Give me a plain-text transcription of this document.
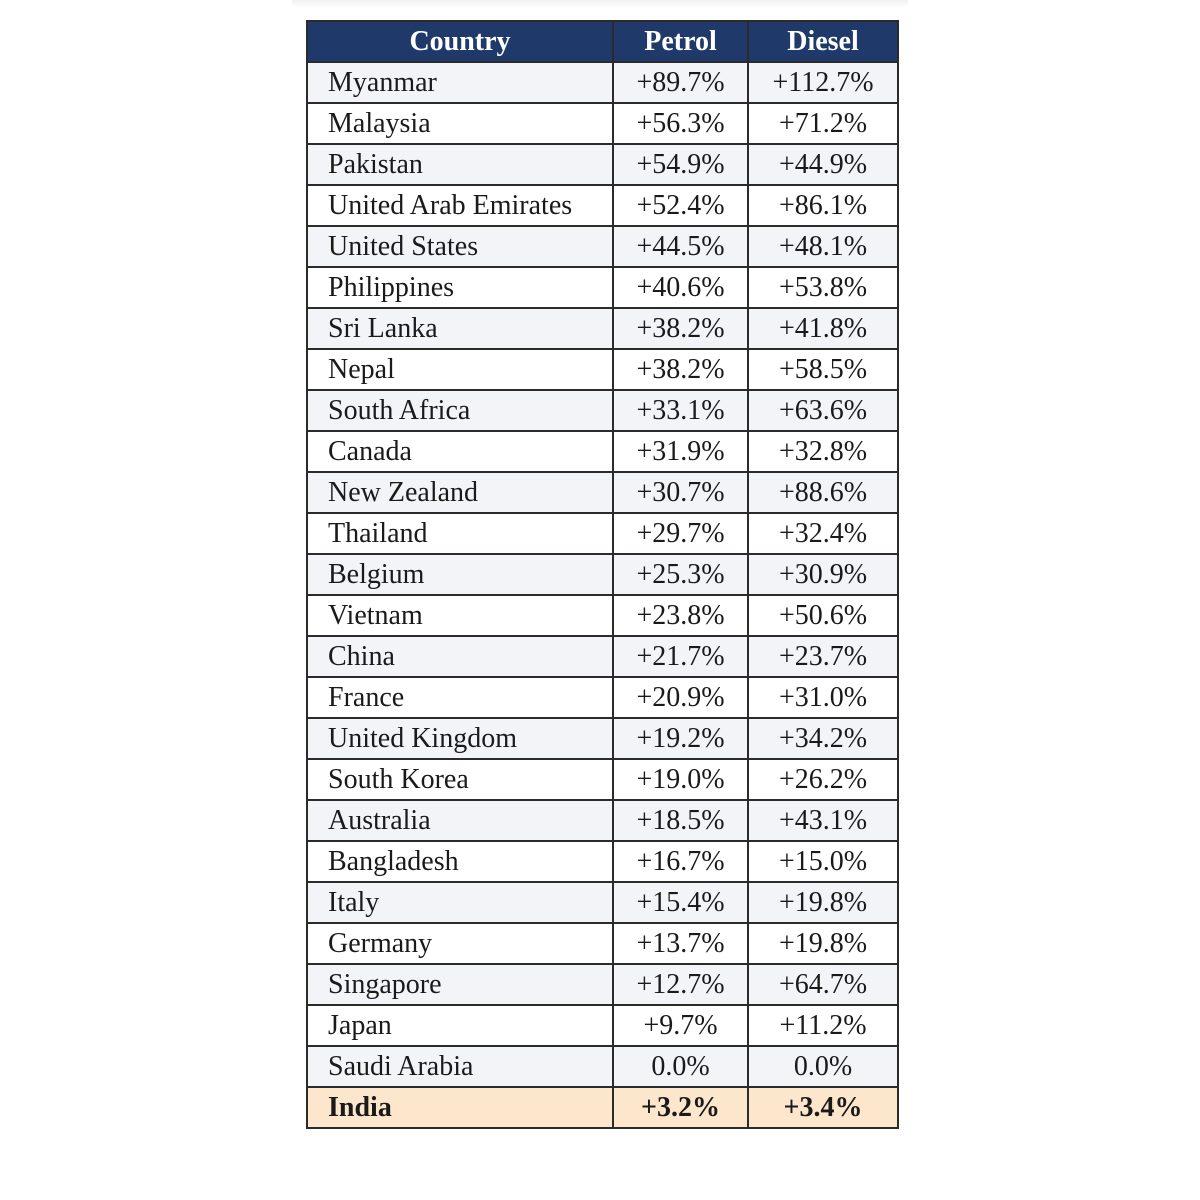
Country	Petrol	Diesel
Myanmar	+89.7%	+112.7%
Malaysia	+56.3%	+71.2%
Pakistan	+54.9%	+44.9%
United Arab Emirates	+52.4%	+86.1%
United States	+44.5%	+48.1%
Philippines	+40.6%	+53.8%
Sri Lanka	+38.2%	+41.8%
Nepal	+38.2%	+58.5%
South Africa	+33.1%	+63.6%
Canada	+31.9%	+32.8%
New Zealand	+30.7%	+88.6%
Thailand	+29.7%	+32.4%
Belgium	+25.3%	+30.9%
Vietnam	+23.8%	+50.6%
China	+21.7%	+23.7%
France	+20.9%	+31.0%
United Kingdom	+19.2%	+34.2%
South Korea	+19.0%	+26.2%
Australia	+18.5%	+43.1%
Bangladesh	+16.7%	+15.0%
Italy	+15.4%	+19.8%
Germany	+13.7%	+19.8%
Singapore	+12.7%	+64.7%
Japan	+9.7%	+11.2%
Saudi Arabia	0.0%	0.0%
India	+3.2%	+3.4%
